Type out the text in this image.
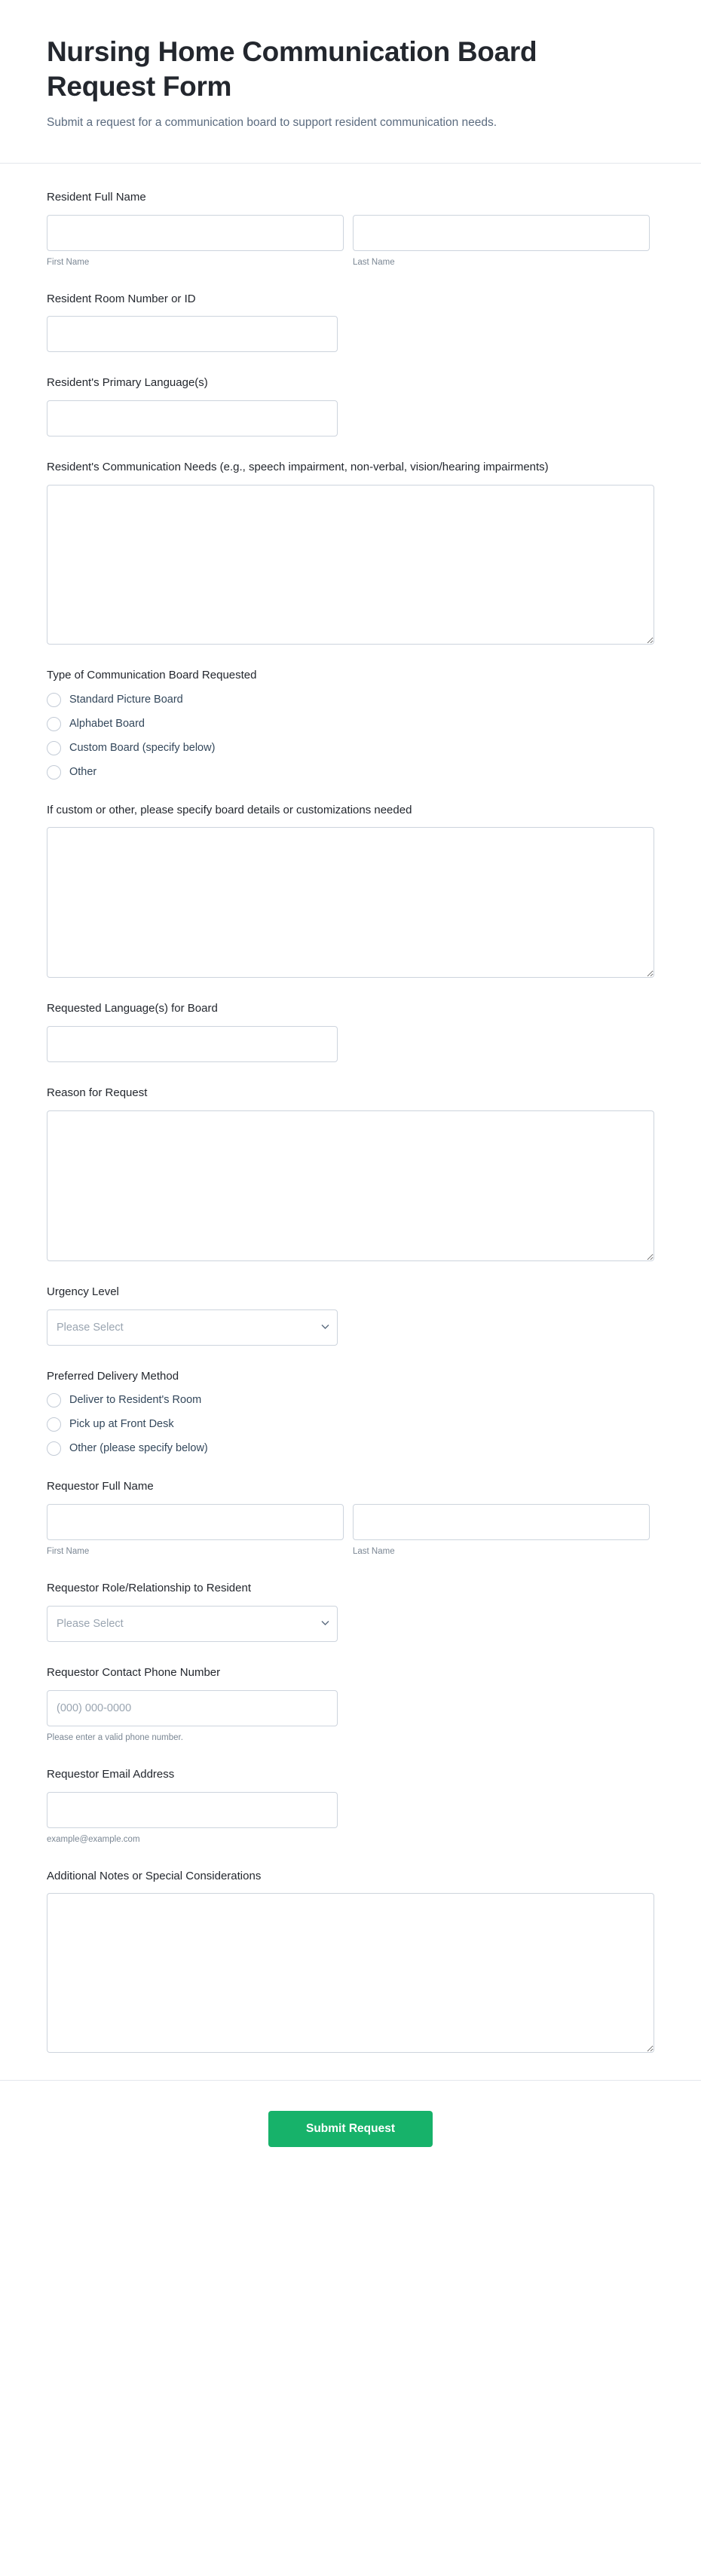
Nursing Home Communication Board Request Form

Submit a request for a communication board to support resident communication needs.

Resident Full Name
First Name	Last Name
Resident Room Number or ID
Resident's Primary Language(s)
Resident's Communication Needs (e.g., speech impairment, non-verbal, vision/hearing impairments)
Type of Communication Board Requested
Standard Picture Board
Alphabet Board
Custom Board (specify below)
Other
If custom or other, please specify board details or customizations needed
Requested Language(s) for Board
Reason for Request
Urgency Level
Please Select
Preferred Delivery Method
Deliver to Resident's Room
Pick up at Front Desk
Other (please specify below)
Requestor Full Name
First Name	Last Name
Requestor Role/Relationship to Resident
Please Select
Requestor Contact Phone Number
(000) 000-0000
Please enter a valid phone number.
Requestor Email Address
example@example.com
Additional Notes or Special Considerations
Submit Request
